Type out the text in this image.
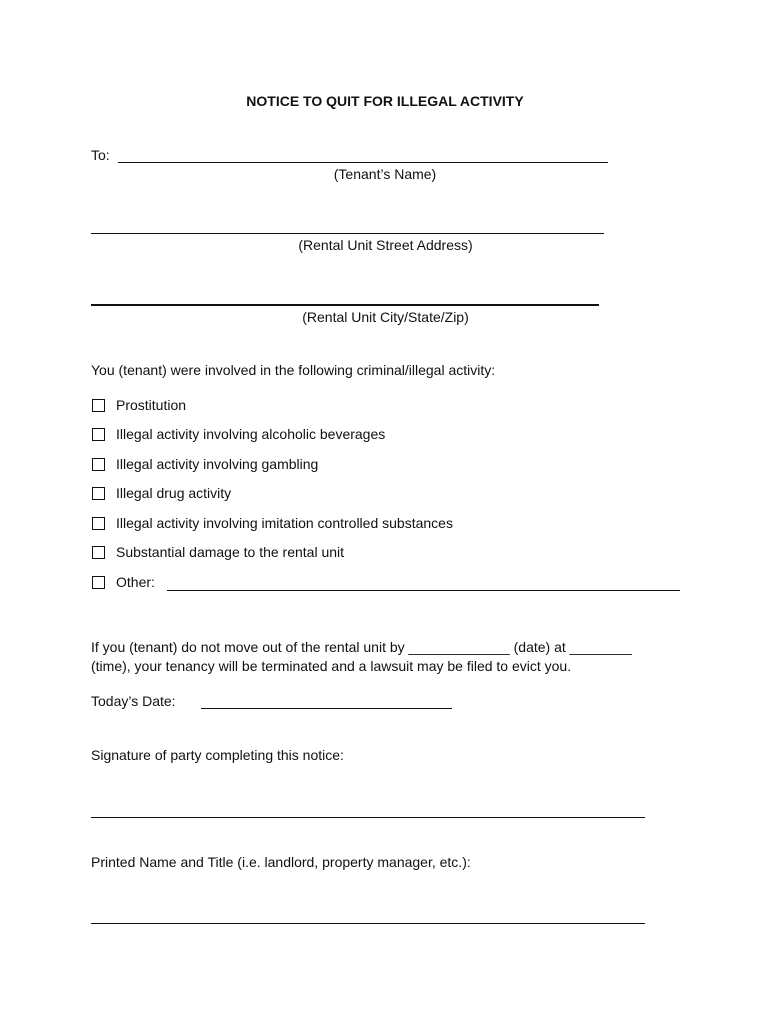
NOTICE TO QUIT FOR ILLEGAL ACTIVITY
To:
(Tenant’s Name)
(Rental Unit Street Address)
(Rental Unit City/State/Zip)
You (tenant) were involved in the following criminal/illegal activity:
Prostitution
Illegal activity involving alcoholic beverages
Illegal activity involving gambling
Illegal drug activity
Illegal activity involving imitation controlled substances
Substantial damage to the rental unit
Other:
If you (tenant) do not move out of the rental unit by _____________ (date) at ________
(time), your tenancy will be terminated and a lawsuit may be filed to evict you.
Today’s Date:
Signature of party completing this notice:
Printed Name and Title (i.e. landlord, property manager, etc.):
